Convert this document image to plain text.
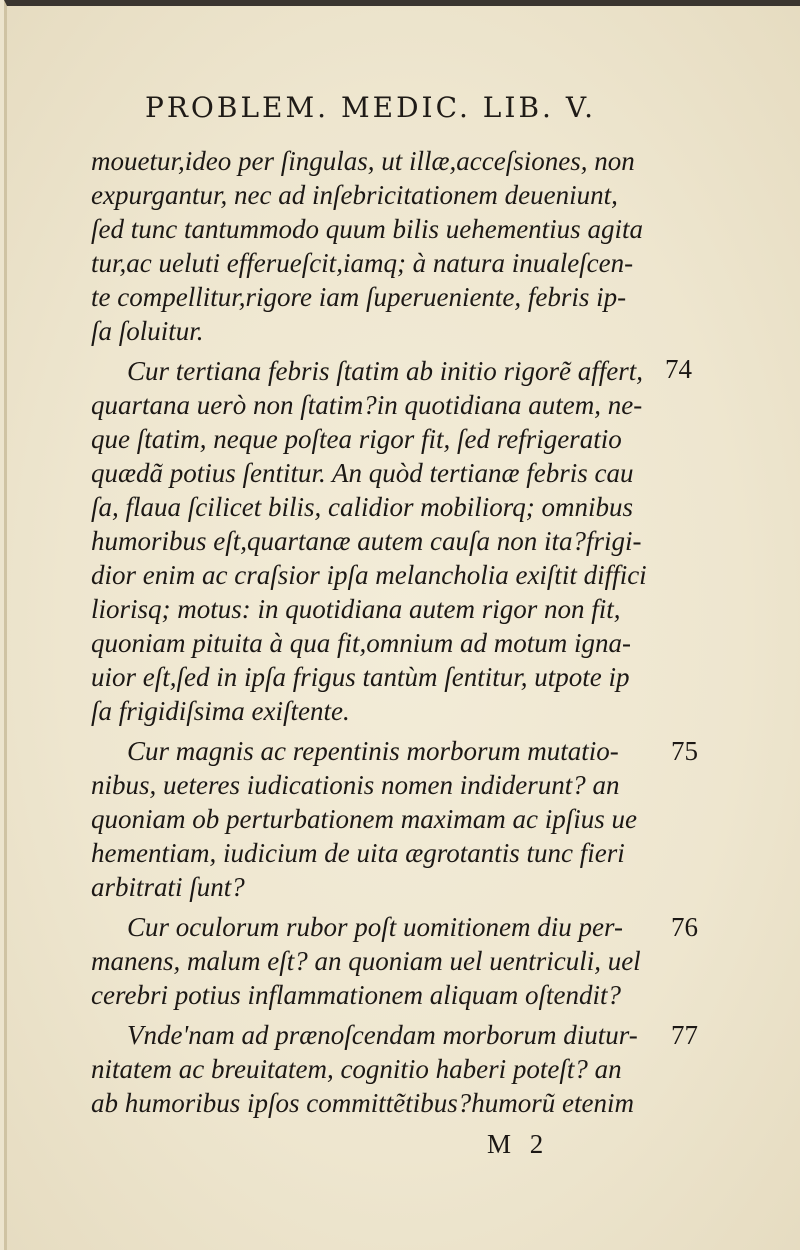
PROBLEM. MEDIC. LIB. V.
mouetur,ideo per ſingulas, ut illæ,acceſsiones, non
expurgantur, nec ad inſebricitationem deueniunt,
ſed tunc tantummodo quum bilis uehementius agita
tur,ac ueluti efferueſcit,iamq; à natura inualeſcen-
te compellitur,rigore iam ſuperueniente, febris ip-
ſa ſoluitur.
Cur tertiana febris ſtatim ab initio rigorẽ affert,
quartana uerò non ſtatim?in quotidiana autem, ne-
que ſtatim, neque poſtea rigor fit, ſed refrigeratio
quædã potius ſentitur. An quòd tertianæ febris cau
ſa, flaua ſcilicet bilis, calidior mobiliorq; omnibus
humoribus eſt,quartanæ autem cauſa non ita?frigi-
dior enim ac craſsior ipſa melancholia exiſtit diffici
liorisq; motus: in quotidiana autem rigor non fit,
quoniam pituita à qua fit,omnium ad motum igna-
uior eſt,ſed in ipſa frigus tantùm ſentitur, utpote ip
ſa frigidiſsima exiſtente.
Cur magnis ac repentinis morborum mutatio-
nibus, ueteres iudicationis nomen indiderunt? an
quoniam ob perturbationem maximam ac ipſius ue
hementiam, iudicium de uita ægrotantis tunc fieri
arbitrati ſunt?
Cur oculorum rubor poſt uomitionem diu per-
manens, malum eſt? an quoniam uel uentriculi, uel
cerebri potius inflammationem aliquam oſtendit?
Vnde'nam ad prænoſcendam morborum diutur-
nitatem ac breuitatem, cognitio haberi poteſt? an
ab humoribus ipſos committẽtibus?humorũ etenim
74
75
76
77
M 2
